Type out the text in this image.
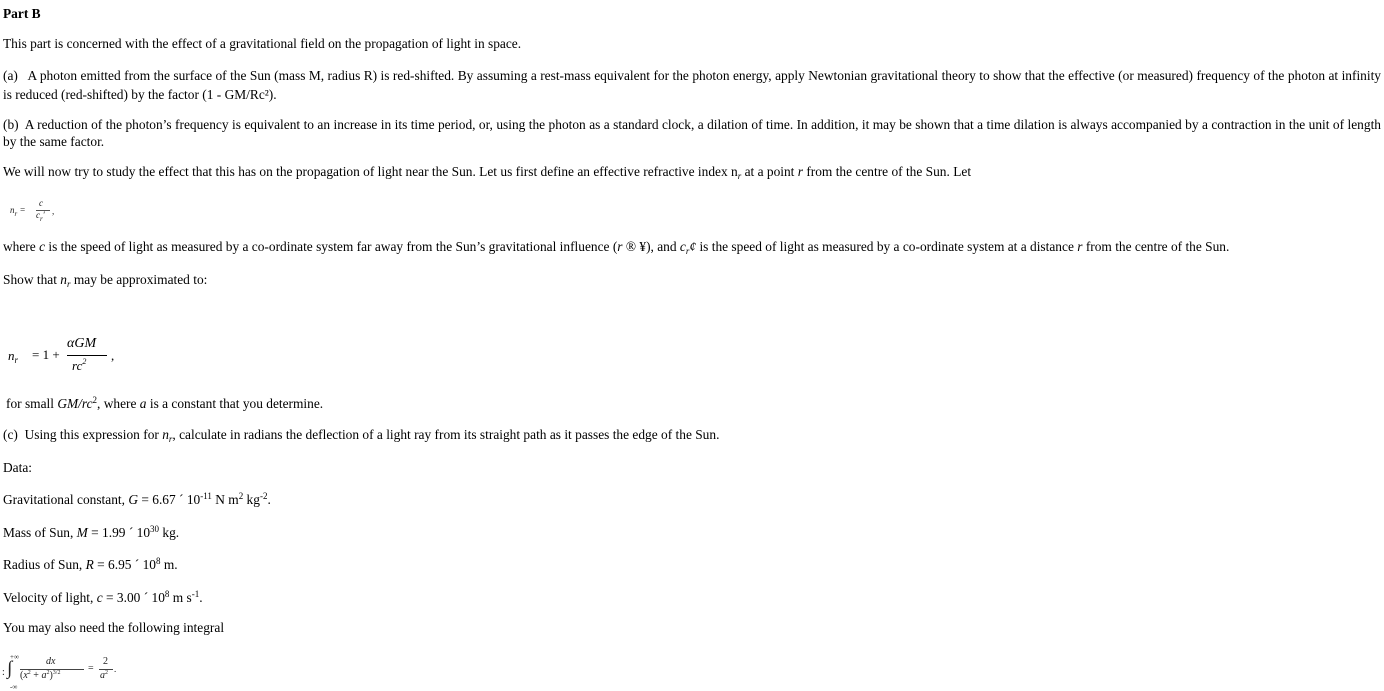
Part B
This part is concerned with the effect of a gravitational field on the propagation of light in space.
(a) A photon emitted from the surface of the Sun (mass M, radius R) is red-shifted. By assuming a rest-mass equivalent for the photon energy, apply Newtonian gravitational theory to show that the effective (or measured) frequency of the photon at infinity is reduced (red-shifted) by the factor (1 - GM/Rc²).
(b) A reduction of the photon’s frequency is equivalent to an increase in its time period, or, using the photon as a standard clock, a dilation of time. In addition, it may be shown that a time dilation is always accompanied by a contraction in the unit of length by the same factor.
We will now try to study the effect that this has on the propagation of light near the Sun. Let us first define an effective refractive index $n_r$ at a point r from the centre of the Sun. Let
$n_r$ =
c
$c_r'$ ,
where c is the speed of light as measured by a co-ordinate system far away from the Sun’s gravitational influence (r ® ¥), and $c_r¢$ is the speed of light as measured by a co-ordinate system at a distance r from the centre of the Sun.
Show that $n_r$ may be approximated to:
$n_r = 1$ +
αGM
$rc^2$ ,
for small $GM/rc^2$, where a is a constant that you determine.
(c) Using this expression for $n_r$, calculate in radians the deflection of a light ray from its straight path as it passes the edge of the Sun.
Data:
Gravitational constant, G = 6.67 ´ $10^{-11}$ N $m^2$ $kg^{-2}$.
Mass of Sun, M = 1.99 ´ $10^{30}$ kg.
Radius of Sun, R = 6.95 ´ $10^8$ m.
Velocity of light, c = 3.00 ´ $10^8$ m $s^{-1}$.
You may also need the following integral
+∞
: ∫
-∞
dx
$(x^2 + a^2)^{3/2}$	=
2
$a^2$ .
